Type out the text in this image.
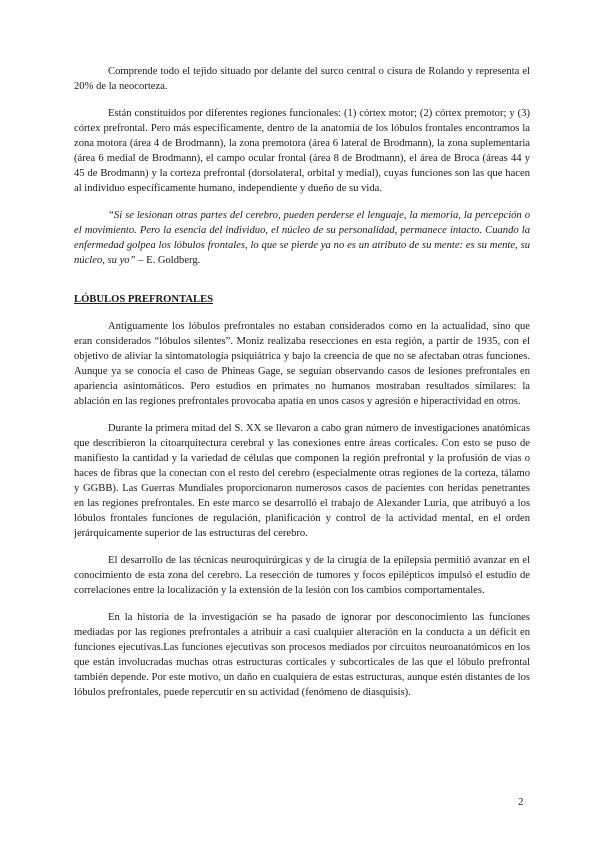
Comprende todo el tejido situado por delante del surco central o cisura de Rolando y representa el 20% de la neocorteza.

Están constituidos por diferentes regiones funcionales: (1) córtex motor; (2) córtex premotor; y (3) córtex prefrontal. Pero más específicamente, dentro de la anatomía de los lóbulos frontales encontramos la zona motora (área 4 de Brodmann), la zona premotora (área 6 lateral de Brodmann), la zona suplementaria (área 6 medial de Brodmann), el campo ocular frontal (área 8 de Brodmann), el área de Broca (áreas 44 y 45 de Brodmann) y la corteza prefrontal (dorsolateral, orbital y medial), cuyas funciones son las que hacen al individuo específicamente humano, independiente y dueño de su vida.

“Si se lesionan otras partes del cerebro, pueden perderse el lenguaje, la memoria, la percepción o el movimiento. Pero la esencia del individuo, el núcleo de su personalidad, permanece intacto. Cuando la enfermedad golpea los lóbulos frontales, lo que se pierde ya no es un atributo de su mente: es su mente, su núcleo, su yo” – E. Goldberg.

LÓBULOS PREFRONTALES

Antiguamente los lóbulos prefrontales no estaban considerados como en la actualidad, sino que eran considerados “lóbulos silentes”. Moniz realizaba resecciones en esta región, a partir de 1935, con el objetivo de aliviar la sintomatología psiquiátrica y bajo la creencia de que no se afectaban otras funciones. Aunque ya se conocía el caso de Phineas Gage, se seguían observando casos de lesiones prefrontales en apariencia asintomáticos. Pero estudios en primates no humanos mostraban resultados similares: la ablación en las regiones prefrontales provocaba apatía en unos casos y agresión e hiperactividad en otros.

Durante la primera mitad del S. XX se llevaron a cabo gran número de investigaciones anatómicas que describieron la citoarquitectura cerebral y las conexiones entre áreas corticales. Con esto se puso de manifiesto la cantidad y la variedad de células que componen la región prefrontal y la profusión de vías o haces de fibras que la conectan con el resto del cerebro (especialmente otras regiones de la corteza, tálamo y GGBB). Las Guerras Mundiales proporcionaron numerosos casos de pacientes con heridas penetrantes en las regiones prefrontales. En este marco se desarrolló el trabajo de Alexander Luria, que atribuyó a los lóbulos frontales funciones de regulación, planificación y control de la actividad mental, en el orden jerárquicamente superior de las estructuras del cerebro.

El desarrollo de las técnicas neuroquirúrgicas y de la cirugía de la epilepsia permitió avanzar en el conocimiento de esta zona del cerebro. La resección de tumores y focos epilépticos impulsó el estudio de correlaciones entre la localización y la extensión de la lesión con los cambios comportamentales.

En la historia de la investigación se ha pasado de ignorar por desconocimiento las funciones mediadas por las regiones prefrontales a atribuir a casi cualquier alteración en la conducta a un déficit en funciones ejecutivas.Las funciones ejecutivas son procesos mediados por circuitos neuroanatómicos en los que están involucradas muchas otras estructuras corticales y subcorticales de las que el lóbulo prefrontal también depende. Por este motivo, un daño en cualquiera de estas estructuras, aunque estén distantes de los lóbulos prefrontales, puede repercutir en su actividad (fenómeno de diasquisis).

2
